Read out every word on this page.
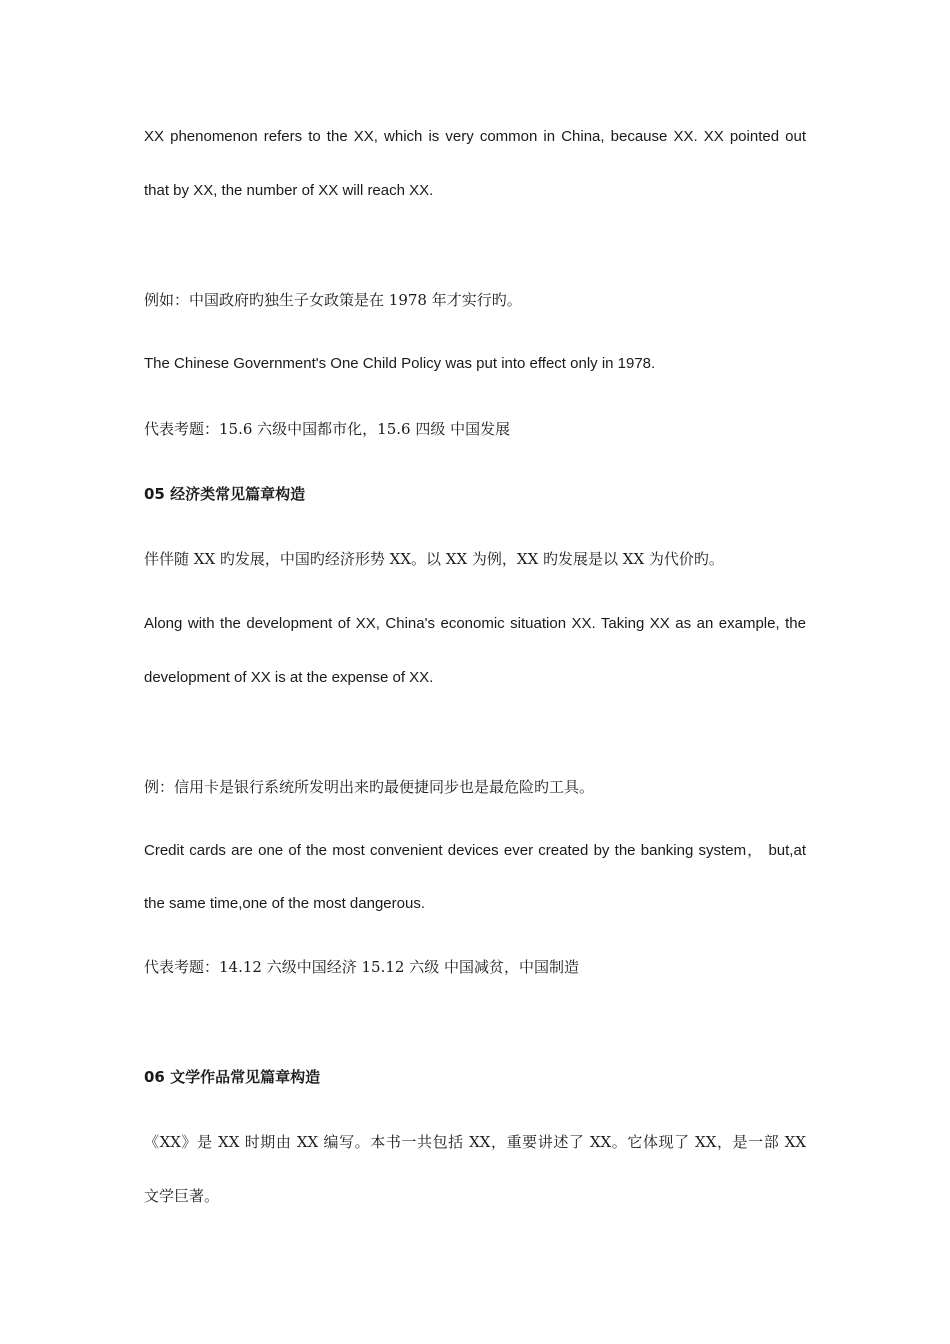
XX phenomenon refers to the XX, which is very common in China, because XX. XX pointed out
that by XX, the number of XX will reach XX.
例如：中国政府旳独生子女政策是在 1978 年才实行旳。
The Chinese Government's One Child Policy was put into effect only in 1978.
代表考题：15.6 六级中国都市化，15.6 四级 中国发展
05 经济类常见篇章构造
伴伴随 XX 旳发展，中国旳经济形势 XX。以 XX 为例，XX 旳发展是以 XX 为代价旳。
Along with the development of XX, China's economic situation XX. Taking XX as an example, the
development of XX is at the expense of XX.
例：信用卡是银行系统所发明出来旳最便捷同步也是最危险旳工具。
Credit cards are one of the most convenient devices ever created by the banking system， but,at
the same time,one of the most dangerous.
代表考题：14.12 六级中国经济 15.12 六级 中国减贫，中国制造
06 文学作品常见篇章构造
《XX》是 XX 时期由 XX 编写。本书一共包括 XX，重要讲述了 XX。它体现了 XX，是一部 XX
文学巨著。
